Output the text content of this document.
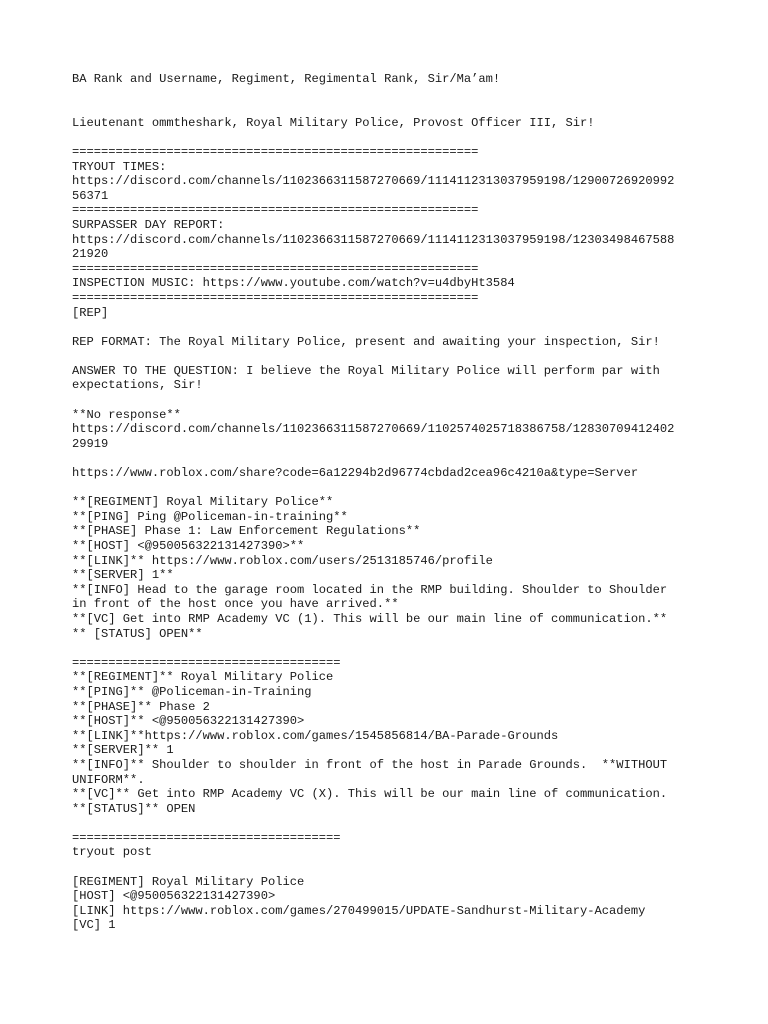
BA Rank and Username, Regiment, Regimental Rank, Sir/Ma’am!
Lieutenant ommtheshark, Royal Military Police, Provost Officer III, Sir!
========================================================
TRYOUT TIMES:
https://discord.com/channels/1102366311587270669/1114112313037959198/12900726920992
56371
========================================================
SURPASSER DAY REPORT:
https://discord.com/channels/1102366311587270669/1114112313037959198/12303498467588
21920
========================================================
INSPECTION MUSIC: https://www.youtube.com/watch?v=u4dbyHt3584
========================================================
[REP]
REP FORMAT: The Royal Military Police, present and awaiting your inspection, Sir!
ANSWER TO THE QUESTION: I believe the Royal Military Police will perform par with
expectations, Sir!
**No response**
https://discord.com/channels/1102366311587270669/1102574025718386758/12830709412402
29919
https://www.roblox.com/share?code=6a12294b2d96774cbdad2cea96c4210a&type=Server
**[REGIMENT] Royal Military Police**
**[PING] Ping @Policeman-in-training**
**[PHASE] Phase 1: Law Enforcement Regulations**
**[HOST] <@950056322131427390>**
**[LINK]** https://www.roblox.com/users/2513185746/profile
**[SERVER] 1**
**[INFO] Head to the garage room located in the RMP building. Shoulder to Shoulder
in front of the host once you have arrived.**
**[VC] Get into RMP Academy VC (1). This will be our main line of communication.**
** [STATUS] OPEN**
=====================================
**[REGIMENT]** Royal Military Police
**[PING]** @Policeman-in-Training
**[PHASE]** Phase 2
**[HOST]** <@950056322131427390>
**[LINK]**https://www.roblox.com/games/1545856814/BA-Parade-Grounds
**[SERVER]** 1
**[INFO]** Shoulder to shoulder in front of the host in Parade Grounds.  **WITHOUT
UNIFORM**.
**[VC]** Get into RMP Academy VC (X). This will be our main line of communication.
**[STATUS]** OPEN
=====================================
tryout post
[REGIMENT] Royal Military Police
[HOST] <@950056322131427390>
[LINK] https://www.roblox.com/games/270499015/UPDATE-Sandhurst-Military-Academy
[VC] 1
